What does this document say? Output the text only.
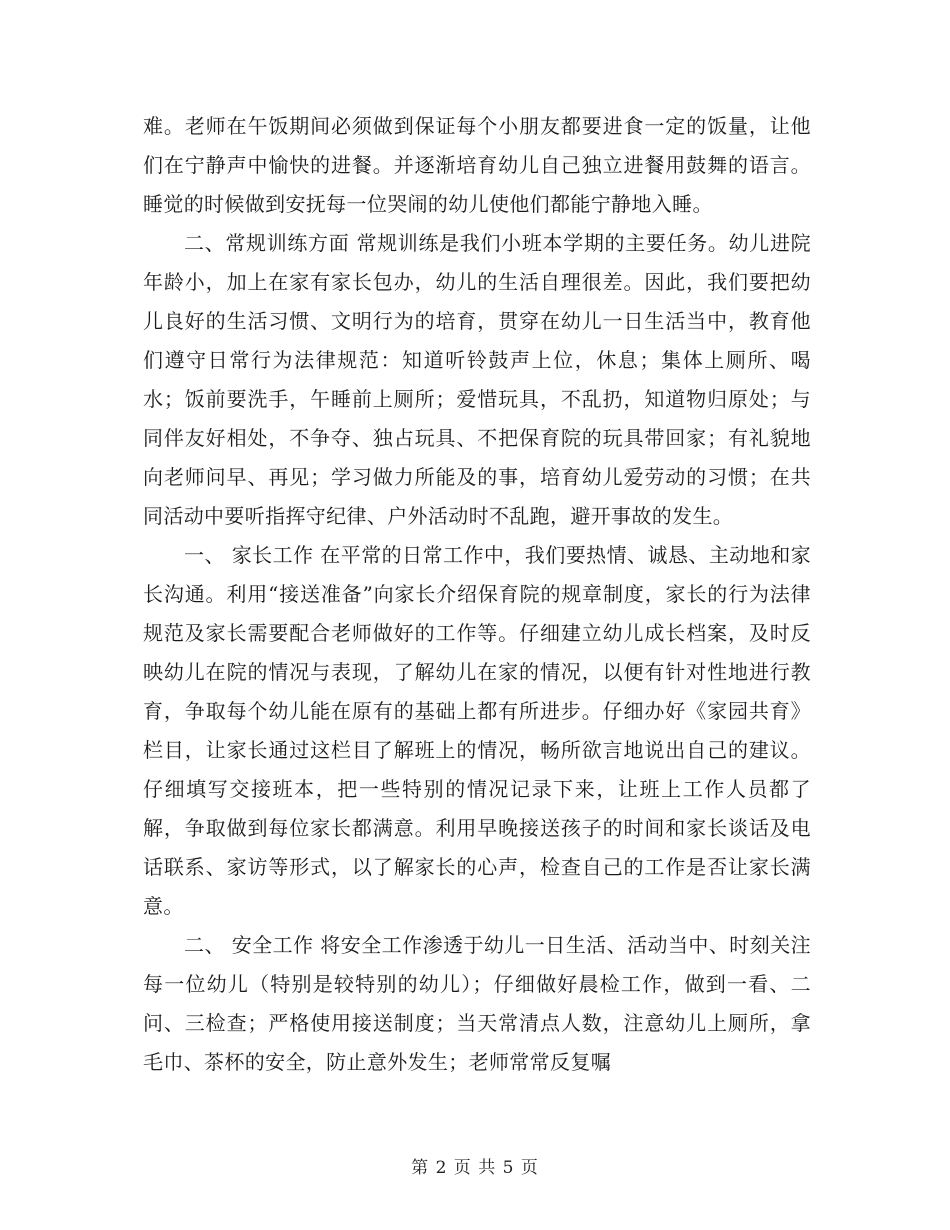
难。老师在午饭期间必须做到保证每个小朋友都要进食一定的饭量，让他们在宁静声中愉快的进餐。并逐渐培育幼儿自己独立进餐用鼓舞的语言。 睡觉的时候做到安抚每一位哭闹的幼儿使他们都能宁静地入睡。

二、常规训练方面 常规训练是我们小班本学期的主要任务。幼儿进院年龄小，加上在家有家长包办，幼儿的生活自理很差。因此，我们要把幼儿良好的生活习惯、文明行为的培育，贯穿在幼儿一日生活当中，教育他们遵守日常行为法律规范：知道听铃鼓声上位，休息；集体上厕所、喝水；饭前要洗手，午睡前上厕所；爱惜玩具，不乱扔，知道物归原处；与同伴友好相处，不争夺、独占玩具、不把保育院的玩具带回家；有礼貌地向老师问早、再见；学习做力所能及的事，培育幼儿爱劳动的习惯；在共同活动中要听指挥守纪律、户外活动时不乱跑，避开事故的发生。

一、 家长工作 在平常的日常工作中，我们要热情、诚恳、主动地和家长沟通。利用“接送准备”向家长介绍保育院的规章制度，家长的行为法律规范及家长需要配合老师做好的工作等。仔细建立幼儿成长档案，及时反映幼儿在院的情况与表现，了解幼儿在家的情况，以便有针对性地进行教育，争取每个幼儿能在原有的基础上都有所进步。仔细办好《家园共育》栏目，让家长通过这栏目了解班上的情况，畅所欲言地说出自己的建议。仔细填写交接班本，把一些特别的情况记录下来，让班上工作人员都了解，争取做到每位家长都满意。利用早晚接送孩子的时间和家长谈话及电话联系、家访等形式，以了解家长的心声，检查自己的工作是否让家长满意。

二、 安全工作 将安全工作渗透于幼儿一日生活、活动当中、时刻关注每一位幼儿（特别是较特别的幼儿）；仔细做好晨检工作，做到一看、二问、三检查；严格使用接送制度；当天常清点人数，注意幼儿上厕所，拿毛巾、茶杯的安全，防止意外发生；老师常常反复嘱

第 2 页 共 5 页
